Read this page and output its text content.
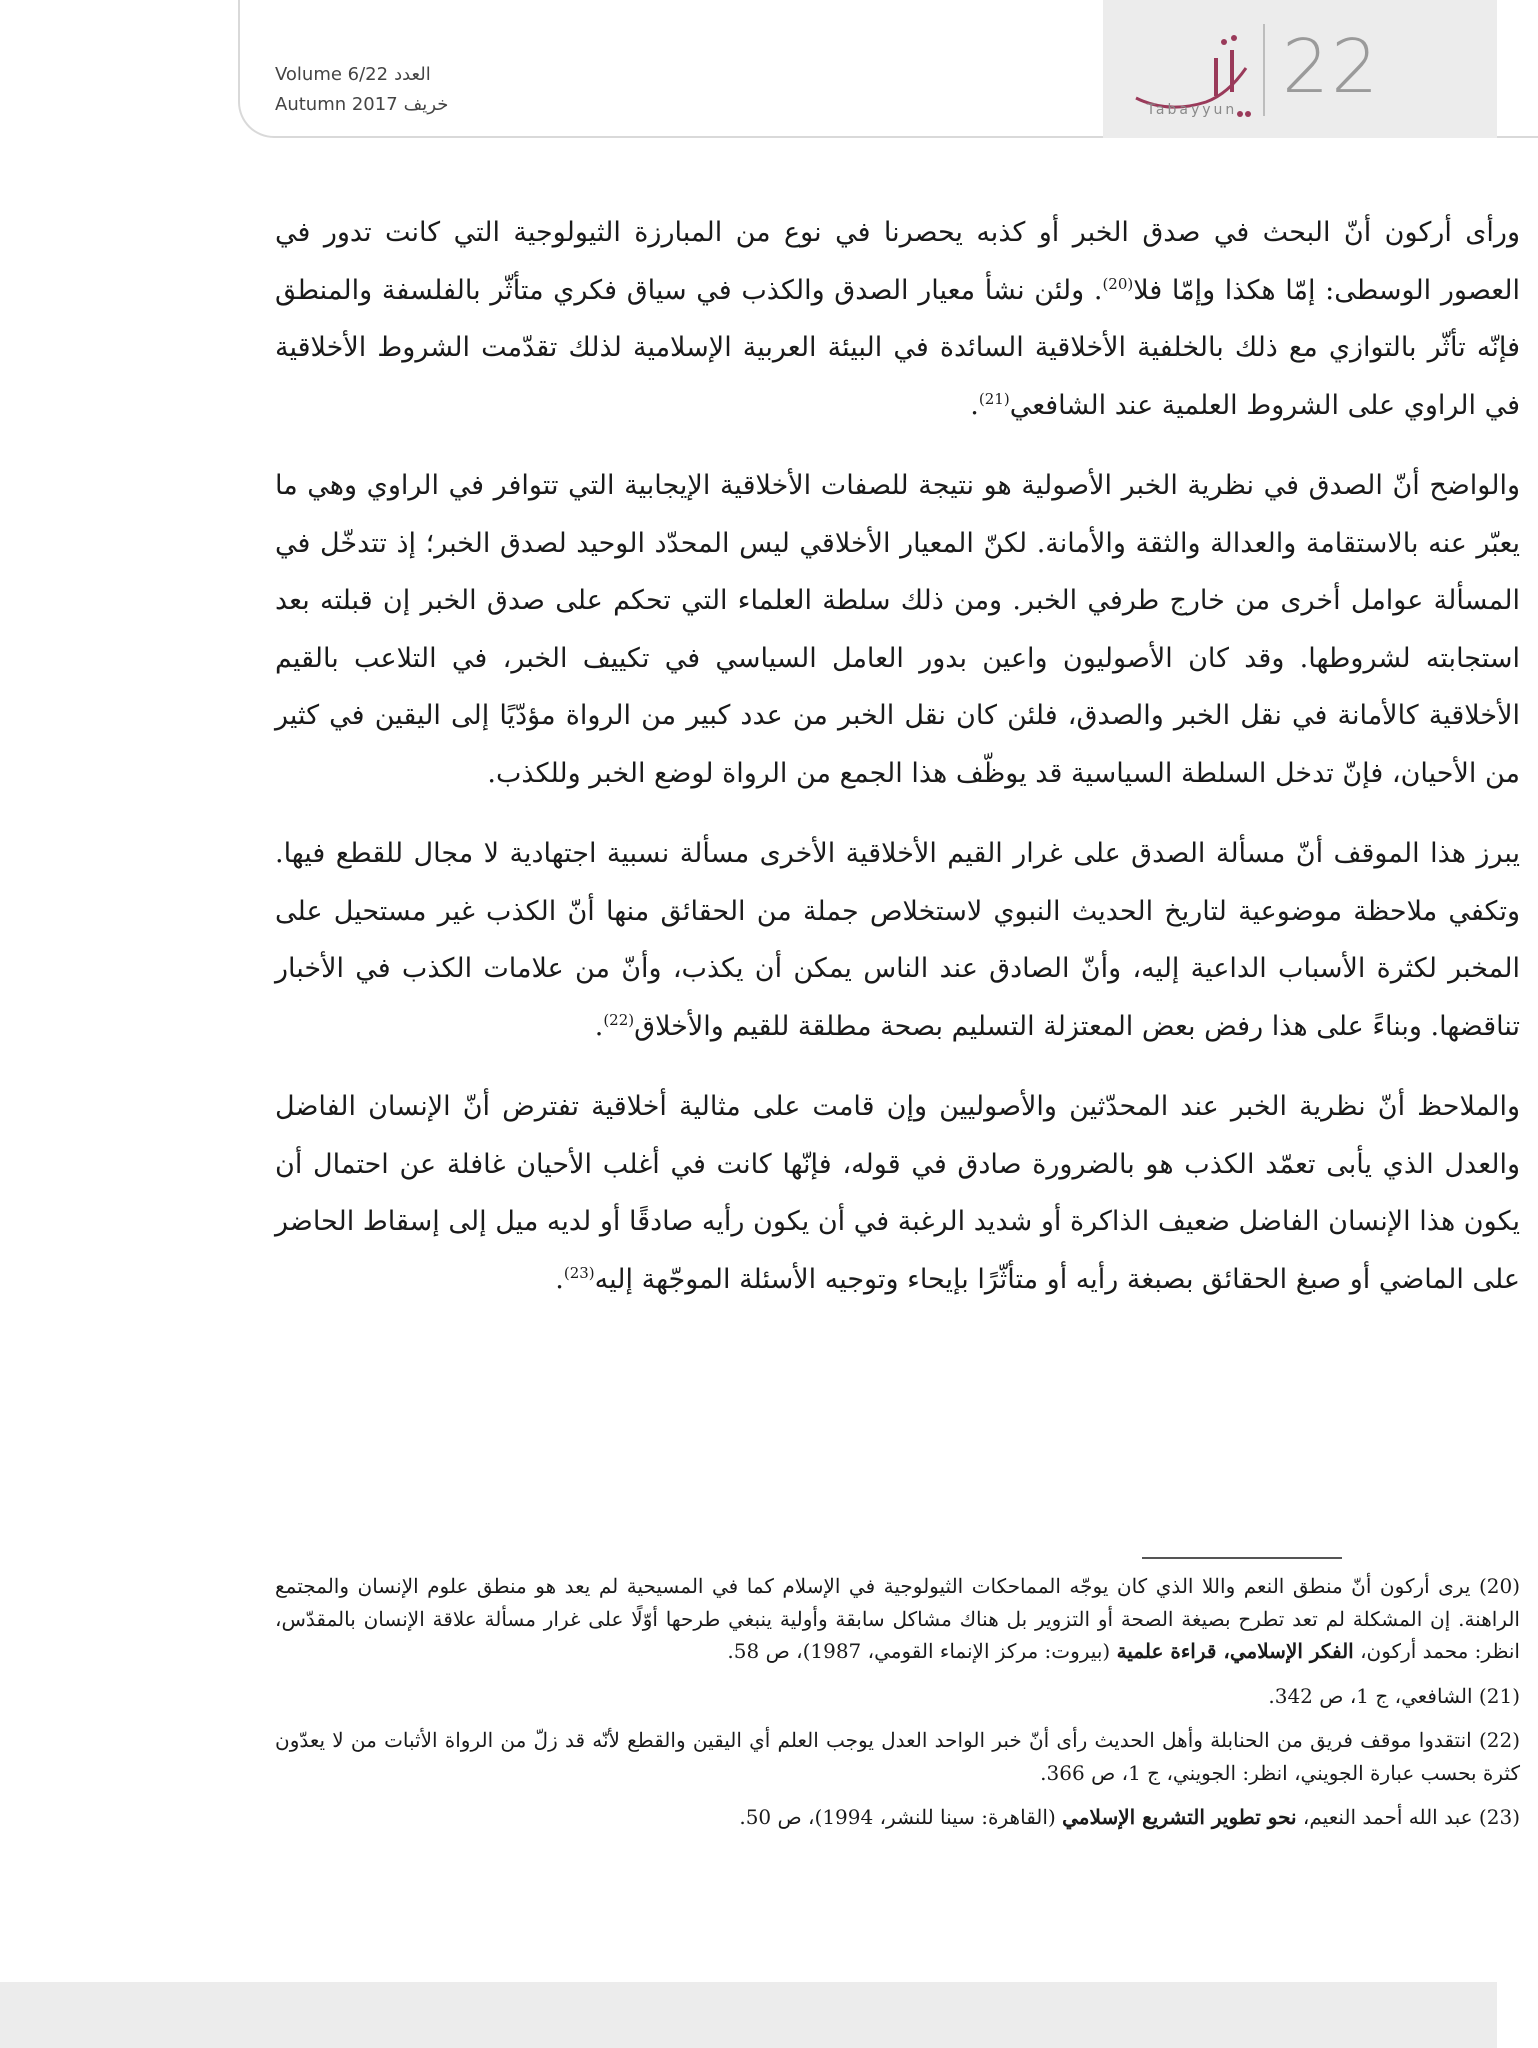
22
Tabayyun
Volume 6/22 العدد
Autumn 2017 خريف

ورأى أركون أنّ البحث في صدق الخبر أو كذبه يحصرنا في نوع من المبارزة الثيولوجية التي كانت تدور في العصور الوسطى: إمّا هكذا وإمّا فلا$^{(20)}$. ولئن نشأ معيار الصدق والكذب في سياق فكري متأثّر بالفلسفة والمنطق فإنّه تأثّر بالتوازي مع ذلك بالخلفية الأخلاقية السائدة في البيئة العربية الإسلامية لذلك تقدّمت الشروط الأخلاقية في الراوي على الشروط العلمية عند الشافعي$^{(21)}$.

والواضح أنّ الصدق في نظرية الخبر الأصولية هو نتيجة للصفات الأخلاقية الإيجابية التي تتوافر في الراوي وهي ما يعبّر عنه بالاستقامة والعدالة والثقة والأمانة. لكنّ المعيار الأخلاقي ليس المحدّد الوحيد لصدق الخبر؛ إذ تتدخّل في المسألة عوامل أخرى من خارج طرفي الخبر. ومن ذلك سلطة العلماء التي تحكم على صدق الخبر إن قبلته بعد استجابته لشروطها. وقد كان الأصوليون واعين بدور العامل السياسي في تكييف الخبر، في التلاعب بالقيم الأخلاقية كالأمانة في نقل الخبر والصدق، فلئن كان نقل الخبر من عدد كبير من الرواة مؤدّيًا إلى اليقين في كثير من الأحيان، فإنّ تدخل السلطة السياسية قد يوظّف هذا الجمع من الرواة لوضع الخبر وللكذب.

يبرز هذا الموقف أنّ مسألة الصدق على غرار القيم الأخلاقية الأخرى مسألة نسبية اجتهادية لا مجال للقطع فيها. وتكفي ملاحظة موضوعية لتاريخ الحديث النبوي لاستخلاص جملة من الحقائق منها أنّ الكذب غير مستحيل على المخبر لكثرة الأسباب الداعية إليه، وأنّ الصادق عند الناس يمكن أن يكذب، وأنّ من علامات الكذب في الأخبار تناقضها. وبناءً على هذا رفض بعض المعتزلة التسليم بصحة مطلقة للقيم والأخلاق$^{(22)}$.

والملاحظ أنّ نظرية الخبر عند المحدّثين والأصوليين وإن قامت على مثالية أخلاقية تفترض أنّ الإنسان الفاضل والعدل الذي يأبى تعمّد الكذب هو بالضرورة صادق في قوله، فإنّها كانت في أغلب الأحيان غافلة عن احتمال أن يكون هذا الإنسان الفاضل ضعيف الذاكرة أو شديد الرغبة في أن يكون رأيه صادقًا أو لديه ميل إلى إسقاط الحاضر على الماضي أو صبغ الحقائق بصبغة رأيه أو متأثّرًا بإيحاء وتوجيه الأسئلة الموجّهة إليه$^{(23)}$.

(20) يرى أركون أنّ منطق النعم واللا الذي كان يوجّه المماحكات الثيولوجية في الإسلام كما في المسيحية لم يعد هو منطق علوم الإنسان والمجتمع الراهنة. إن المشكلة لم تعد تطرح بصيغة الصحة أو التزوير بل هناك مشاكل سابقة وأولية ينبغي طرحها أوّلًا على غرار مسألة علاقة الإنسان بالمقدّس، انظر: محمد أركون، الفكر الإسلامي، قراءة علمية (بيروت: مركز الإنماء القومي، 1987)، ص 58.

(21) الشافعي، ج 1، ص 342.

(22) انتقدوا موقف فريق من الحنابلة وأهل الحديث رأى أنّ خبر الواحد العدل يوجب العلم أي اليقين والقطع لأنّه قد زلّ من الرواة الأثبات من لا يعدّون كثرة بحسب عبارة الجويني، انظر: الجويني، ج 1، ص 366.

(23) عبد الله أحمد النعيم، نحو تطوير التشريع الإسلامي (القاهرة: سينا للنشر، 1994)، ص 50.
